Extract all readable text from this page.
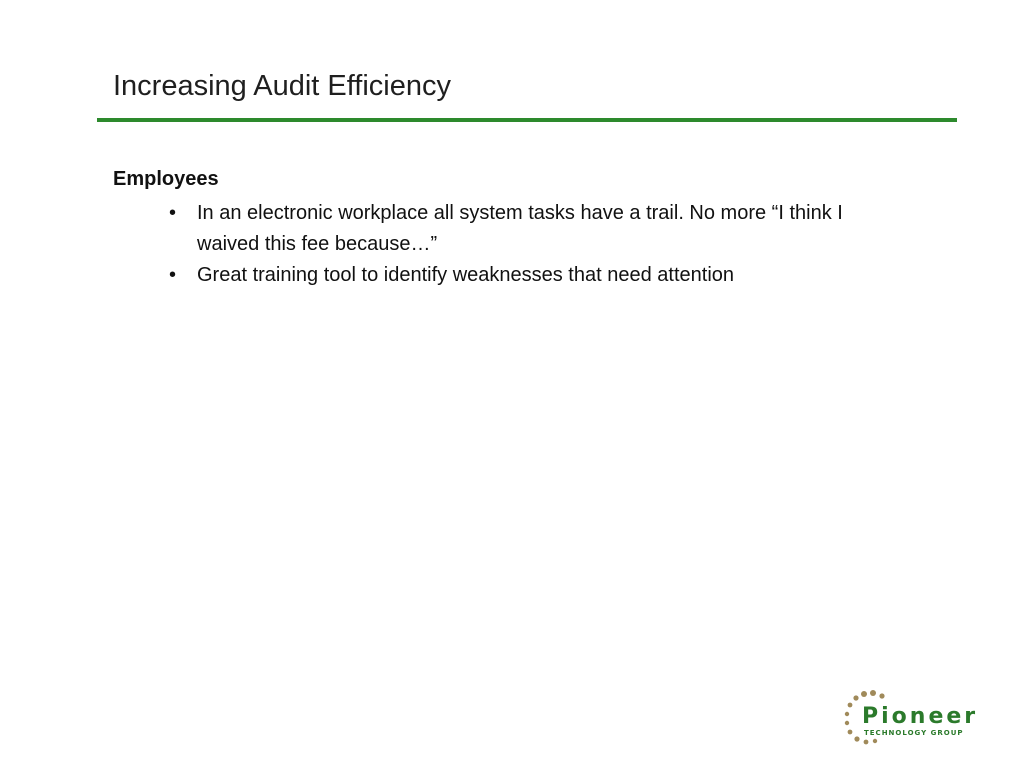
Increasing Audit Efficiency
Employees
• In an electronic workplace all system tasks have a trail. No more “I think I waived this fee because…”
• Great training tool to identify weaknesses that need attention
Pioneer
TECHNOLOGY GROUP
